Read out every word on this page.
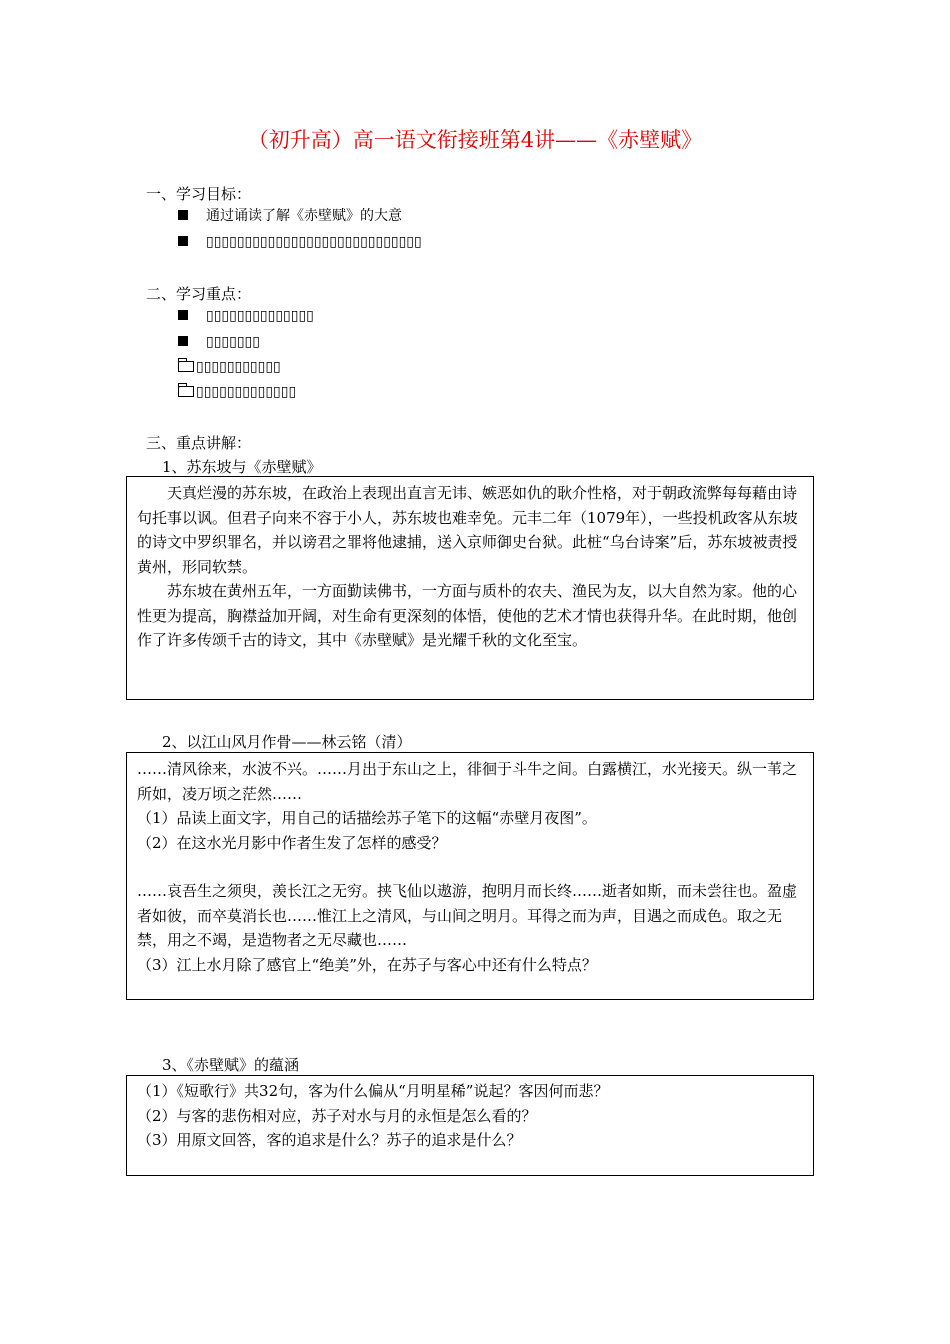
（初升高）高一语文衔接班第4讲——《赤壁赋》
一、学习目标：
通过诵读了解《赤壁赋》的大意
▯▯▯▯▯▯▯▯▯▯▯▯▯▯▯▯▯▯▯▯▯▯▯▯▯▯▯▯
二、学习重点：
▯▯▯▯▯▯▯▯▯▯▯▯▯▯
▯▯▯▯▯▯▯
▯▯▯▯▯▯▯▯▯▯▯
▯▯▯▯▯▯▯▯▯▯▯▯▯
三、重点讲解：
1、苏东坡与《赤壁赋》

天真烂漫的苏东坡，在政治上表现出直言无讳、嫉恶如仇的耿介性格，对于朝政流弊每每藉由诗句托事以讽。但君子向来不容于小人，苏东坡也难幸免。元丰二年（1079年），一些投机政客从东坡的诗文中罗织罪名，并以谤君之罪将他逮捕，送入京师御史台狱。此桩“乌台诗案”后，苏东坡被责授黄州，形同软禁。

苏东坡在黄州五年，一方面勤读佛书，一方面与质朴的农夫、渔民为友，以大自然为家。他的心性更为提高，胸襟益加开阔，对生命有更深刻的体悟，使他的艺术才情也获得升华。在此时期，他创作了许多传颂千古的诗文，其中《赤壁赋》是光耀千秋的文化至宝。

2、以江山风月作骨——林云铭（清）

……清风徐来，水波不兴。……月出于东山之上，徘徊于斗牛之间。白露横江，水光接天。纵一苇之所如，凌万顷之茫然……

（1）品读上面文字，用自己的话描绘苏子笔下的这幅“赤壁月夜图”。

（2）在这水光月影中作者生发了怎样的感受？

……哀吾生之须臾，羡长江之无穷。挟飞仙以遨游，抱明月而长终……逝者如斯，而未尝往也。盈虚者如彼，而卒莫消长也……惟江上之清风，与山间之明月。耳得之而为声，目遇之而成色。取之无禁，用之不竭，是造物者之无尽藏也……

（3）江上水月除了感官上“绝美”外，在苏子与客心中还有什么特点？

3、《赤壁赋》的蕴涵

（1）《短歌行》共32句，客为什么偏从“月明星稀”说起？客因何而悲？

（2）与客的悲伤相对应，苏子对水与月的永恒是怎么看的？

（3）用原文回答，客的追求是什么？苏子的追求是什么？
